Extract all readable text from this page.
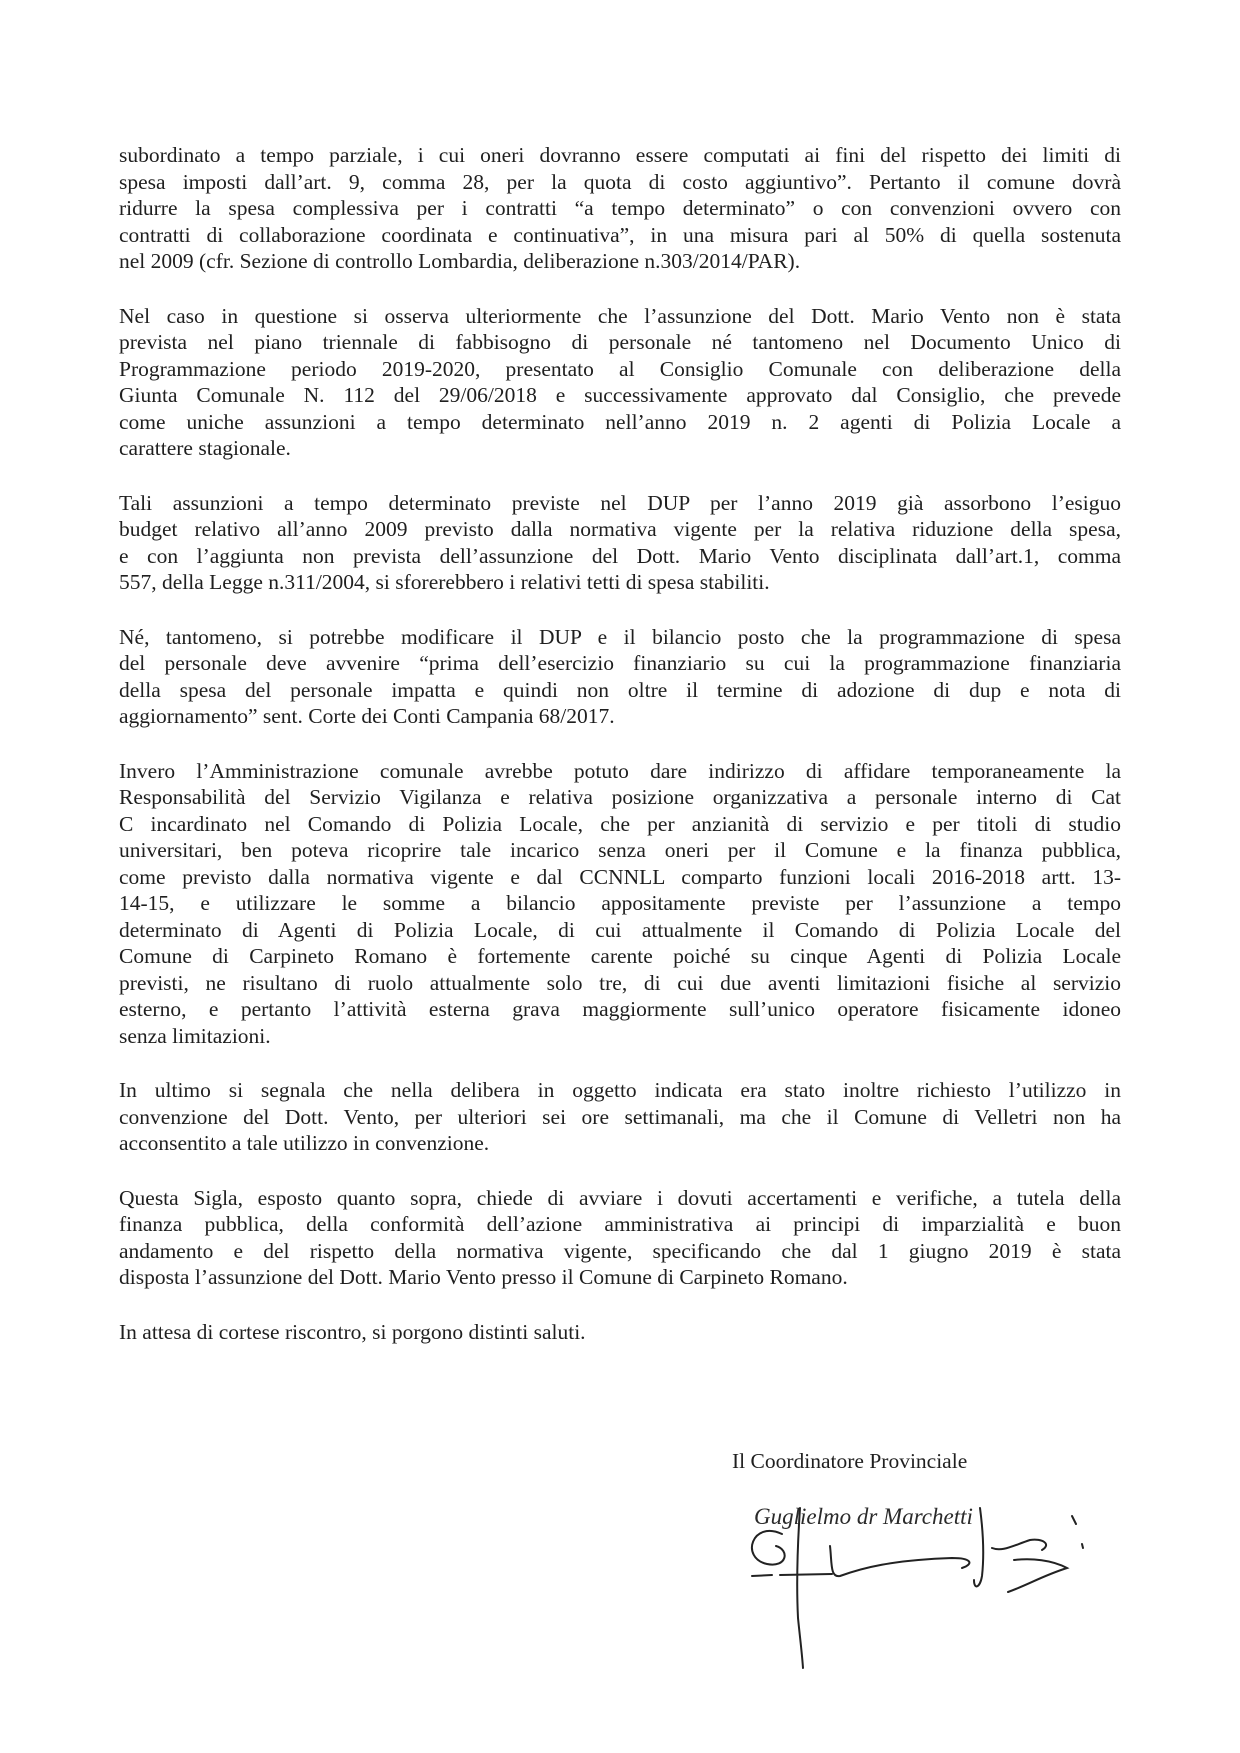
subordinato a tempo parziale, i cui oneri dovranno essere computati ai fini del rispetto dei limiti di
spesa imposti dall’art. 9, comma 28, per la quota di costo aggiuntivo”. Pertanto il comune dovrà
ridurre la spesa complessiva per i contratti “a tempo determinato” o con convenzioni ovvero con
contratti di collaborazione coordinata e continuativa”, in una misura pari al 50% di quella sostenuta
nel 2009 (cfr. Sezione di controllo Lombardia, deliberazione n.303/2014/PAR).

Nel caso in questione si osserva ulteriormente che l’assunzione del Dott. Mario Vento non è stata
prevista nel piano triennale di fabbisogno di personale né tantomeno nel Documento Unico di
Programmazione periodo 2019-2020, presentato al Consiglio Comunale con deliberazione della
Giunta Comunale N. 112 del 29/06/2018 e successivamente approvato dal Consiglio, che prevede
come uniche assunzioni a tempo determinato nell’anno 2019 n. 2 agenti di Polizia Locale a
carattere stagionale.

Tali assunzioni a tempo determinato previste nel DUP per l’anno 2019 già assorbono l’esiguo
budget relativo all’anno 2009 previsto dalla normativa vigente per la relativa riduzione della spesa,
e con l’aggiunta non prevista dell’assunzione del Dott. Mario Vento disciplinata dall’art.1, comma
557, della Legge n.311/2004, si sforerebbero i relativi tetti di spesa stabiliti.

Né, tantomeno, si potrebbe modificare il DUP e il bilancio posto che la programmazione di spesa
del personale deve avvenire “prima dell’esercizio finanziario su cui la programmazione finanziaria
della spesa del personale impatta e quindi non oltre il termine di adozione di dup e nota di
aggiornamento” sent. Corte dei Conti Campania 68/2017.

Invero l’Amministrazione comunale avrebbe potuto dare indirizzo di affidare temporaneamente la
Responsabilità del Servizio Vigilanza e relativa posizione organizzativa a personale interno di Cat
C incardinato nel Comando di Polizia Locale, che per anzianità di servizio e per titoli di studio
universitari, ben poteva ricoprire tale incarico senza oneri per il Comune e la finanza pubblica,
come previsto dalla normativa vigente e dal CCNNLL comparto funzioni locali 2016-2018 artt. 13-
14-15, e utilizzare le somme a bilancio appositamente previste per l’assunzione a tempo
determinato di Agenti di Polizia Locale, di cui attualmente il Comando di Polizia Locale del
Comune di Carpineto Romano è fortemente carente poiché su cinque Agenti di Polizia Locale
previsti, ne risultano di ruolo attualmente solo tre, di cui due aventi limitazioni fisiche al servizio
esterno, e pertanto l’attività esterna grava maggiormente sull’unico operatore fisicamente idoneo
senza limitazioni.

In ultimo si segnala che nella delibera in oggetto indicata era stato inoltre richiesto l’utilizzo in
convenzione del Dott. Vento, per ulteriori sei ore settimanali, ma che il Comune di Velletri non ha
acconsentito a tale utilizzo in convenzione.

Questa Sigla, esposto quanto sopra, chiede di avviare i dovuti accertamenti e verifiche, a tutela della
finanza pubblica, della conformità dell’azione amministrativa ai principi di imparzialità e buon
andamento e del rispetto della normativa vigente, specificando che dal 1 giugno 2019 è stata
disposta l’assunzione del Dott. Mario Vento presso il Comune di Carpineto Romano.

In attesa di cortese riscontro, si porgono distinti saluti.

Il Coordinatore Provinciale
Guglielmo dr Marchetti
